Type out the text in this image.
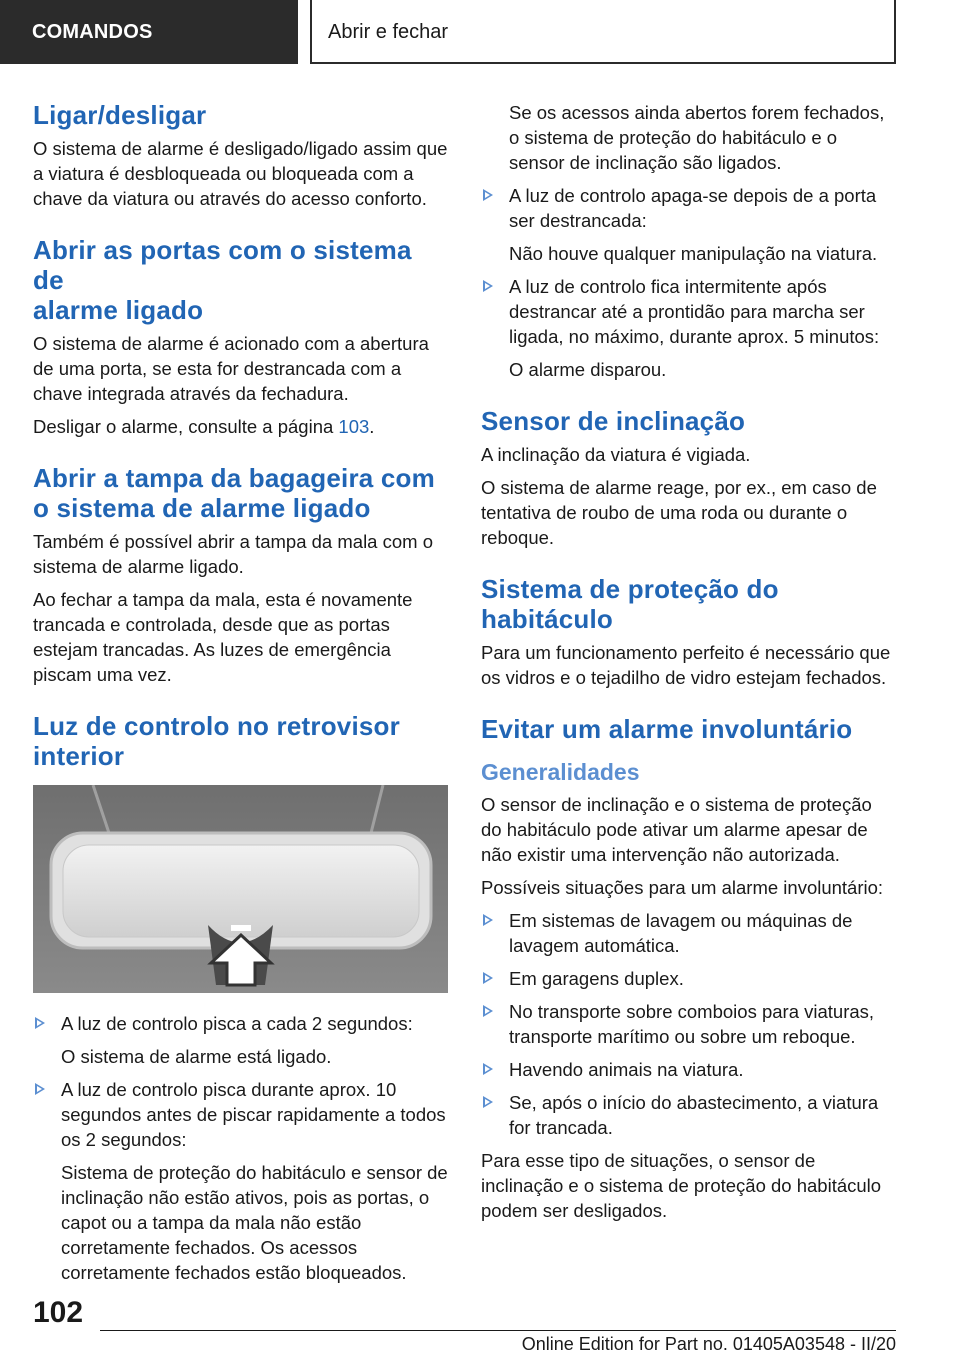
COMANDOS	Abrir e fechar
Ligar/desligar

O sistema de alarme é desligado/ligado assim que a viatura é desbloqueada ou bloqueada com a chave da viatura ou através do acesso conforto.

Abrir as portas com o sistema de
alarme ligado

O sistema de alarme é acionado com a abertura de uma porta, se esta for destrancada com a chave integrada através da fechadura.

Desligar o alarme, consulte a página 103.

Abrir a tampa da bagageira com
o sistema de alarme ligado

Também é possível abrir a tampa da mala com o sistema de alarme ligado.

Ao fechar a tampa da mala, esta é novamente trancada e controlada, desde que as portas estejam trancadas. As luzes de emergência piscam uma vez.

Luz de controlo no retrovisor
interior
A luz de controlo pisca a cada 2 segundos:

O sistema de alarme está ligado.

A luz de controlo pisca durante aprox. 10 segundos antes de piscar rapidamente a todos os 2 segundos:

Sistema de proteção do habitáculo e sensor de inclinação não estão ativos, pois as portas, o capot ou a tampa da mala não estão corretamente fechados. Os acessos corretamente fechados estão bloqueados.

Se os acessos ainda abertos forem fechados, o sistema de proteção do habitáculo e o sensor de inclinação são ligados.

A luz de controlo apaga-se depois de a porta ser destrancada:

Não houve qualquer manipulação na viatura.

A luz de controlo fica intermitente após destrancar até a prontidão para marcha ser ligada, no máximo, durante aprox. 5 minutos:

O alarme disparou.

Sensor de inclinação

A inclinação da viatura é vigiada.

O sistema de alarme reage, por ex., em caso de tentativa de roubo de uma roda ou durante o reboque.

Sistema de proteção do
habitáculo

Para um funcionamento perfeito é necessário que os vidros e o tejadilho de vidro estejam fechados.

Evitar um alarme involuntário
Generalidades

O sensor de inclinação e o sistema de proteção do habitáculo pode ativar um alarme apesar de não existir uma intervenção não autorizada.

Possíveis situações para um alarme involuntário:

Em sistemas de lavagem ou máquinas de lavagem automática.
Em garagens duplex.
No transporte sobre comboios para viaturas, transporte marítimo ou sobre um reboque.
Havendo animais na viatura.
Se, após o início do abastecimento, a viatura for trancada.

Para esse tipo de situações, o sensor de inclinação e o sistema de proteção do habitáculo podem ser desligados.

102
Online Edition for Part no. 01405A03548 - II/20
